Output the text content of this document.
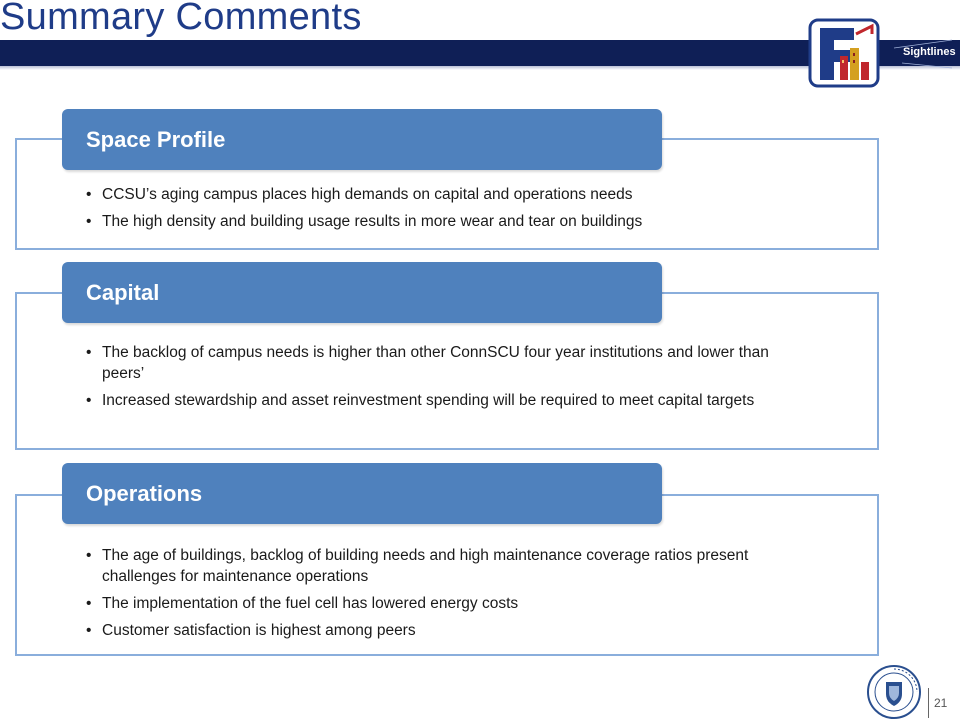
Summary Comments
Sightlines
Space Profile
• CCSU’s aging campus places high demands on capital and operations needs
• The high density and building usage results in more wear and tear on buildings
Capital
• The backlog of campus needs is higher than other ConnSCU four year institutions and lower than peers’
• Increased stewardship and asset reinvestment spending will be required to meet capital targets
Operations
• The age of buildings, backlog of building needs and high maintenance coverage ratios present challenges for maintenance operations
• The implementation of the fuel cell has lowered energy costs
• Customer satisfaction is highest among peers
21
